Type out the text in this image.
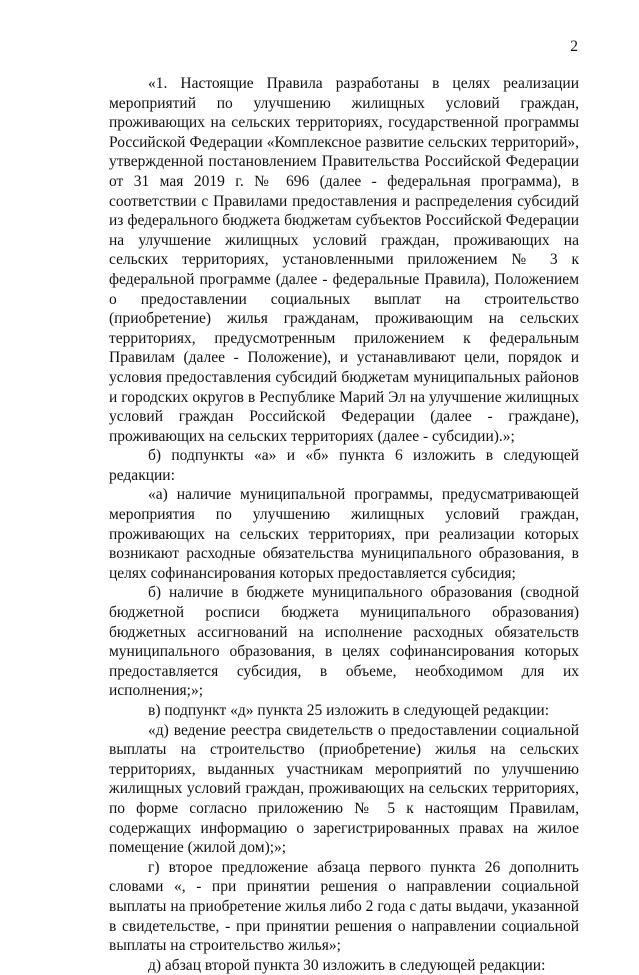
2

«1. Настоящие Правила разработаны в целях реализации мероприятий по улучшению жилищных условий граждан, проживающих на сельских территориях, государственной программы Российской Федерации «Комплексное развитие сельских территорий», утвержденной постановлением Правительства Российской Федерации от 31 мая 2019 г. № 696 (далее - федеральная программа), в соответствии с Правилами предоставления и распределения субсидий из федерального бюджета бюджетам субъектов Российской Федерации на улучшение жилищных условий граждан, проживающих на сельских территориях, установленными приложением № 3 к федеральной программе (далее - федеральные Правила), Положением о предоставлении социальных выплат на строительство (приобретение) жилья гражданам, проживающим на сельских территориях, предусмотренным приложением к федеральным Правилам (далее - Положение), и устанавливают цели, порядок и условия предоставления субсидий бюджетам муниципальных районов и городских округов в Республике Марий Эл на улучшение жилищных условий граждан Российской Федерации (далее - граждане), проживающих на сельских территориях (далее - субсидии).»;

б) подпункты «а» и «б» пункта 6 изложить в следующей редакции:

«а) наличие муниципальной программы, предусматривающей мероприятия по улучшению жилищных условий граждан, проживающих на сельских территориях, при реализации которых возникают расходные обязательства муниципального образования, в целях софинансирования которых предоставляется субсидия;

б) наличие в бюджете муниципального образования (сводной бюджетной росписи бюджета муниципального образования) бюджетных ассигнований на исполнение расходных обязательств муниципального образования, в целях софинансирования которых предоставляется субсидия, в объеме, необходимом для их исполнения;»;

в) подпункт «д» пункта 25 изложить в следующей редакции:

«д) ведение реестра свидетельств о предоставлении социальной выплаты на строительство (приобретение) жилья на сельских территориях, выданных участникам мероприятий по улучшению жилищных условий граждан, проживающих на сельских территориях, по форме согласно приложению № 5 к настоящим Правилам, содержащих информацию о зарегистрированных правах на жилое помещение (жилой дом);»;

г) второе предложение абзаца первого пункта 26 дополнить словами «, - при принятии решения о направлении социальной выплаты на приобретение жилья либо 2 года с даты выдачи, указанной в свидетельстве, - при принятии решения о направлении социальной выплаты на строительство жилья»;

д) абзац второй пункта 30 изложить в следующей редакции:
